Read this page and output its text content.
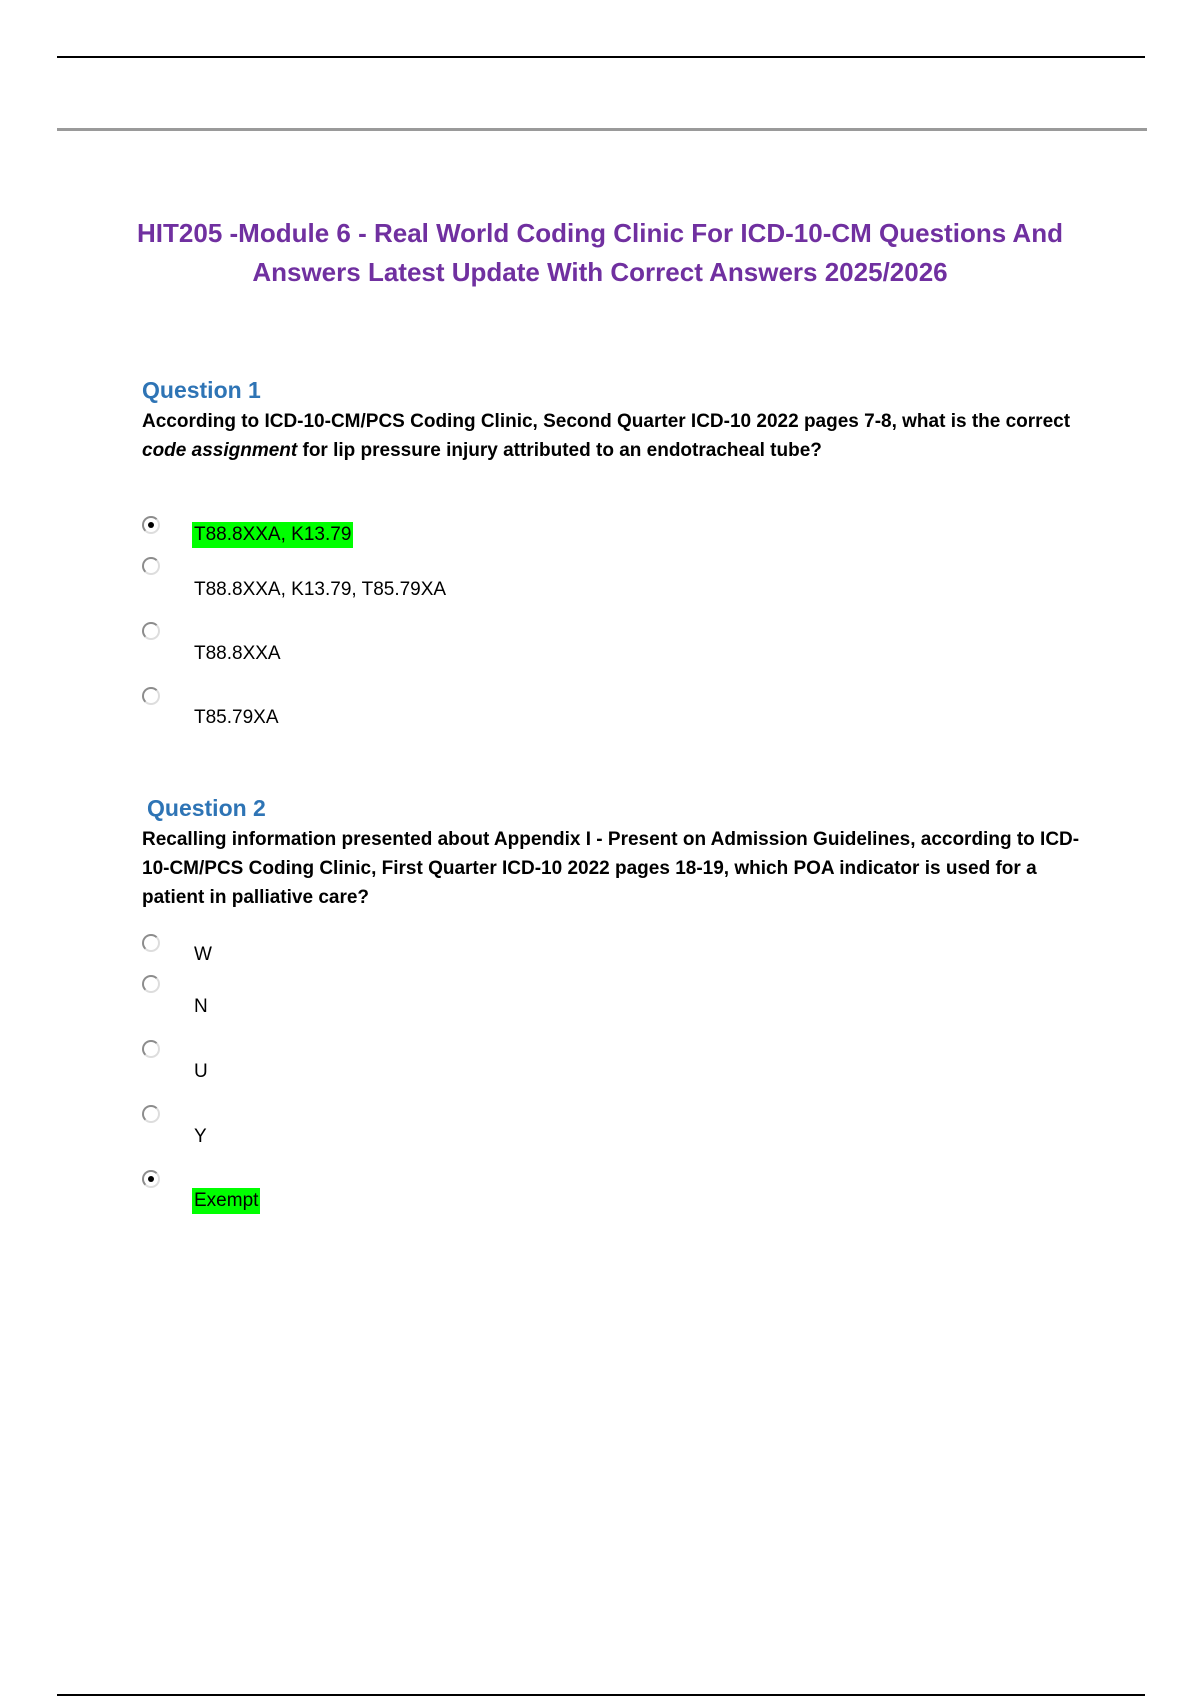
HIT205 -Module 6 - Real World Coding Clinic For ICD-10-CM Questions And Answers Latest Update With Correct Answers 2025/2026

Question 1

According to ICD-10-CM/PCS Coding Clinic, Second Quarter ICD-10 2022 pages 7-8, what is the correct code assignment for lip pressure injury attributed to an endotracheal tube?

T88.8XXA, K13.79
T88.8XXA, K13.79, T85.79XA
T88.8XXA
T85.79XA

Question 2

Recalling information presented about Appendix I - Present on Admission Guidelines, according to ICD-10-CM/PCS Coding Clinic, First Quarter ICD-10 2022 pages 18-19, which POA indicator is used for a patient in palliative care?

W
N
U
Y
Exempt
